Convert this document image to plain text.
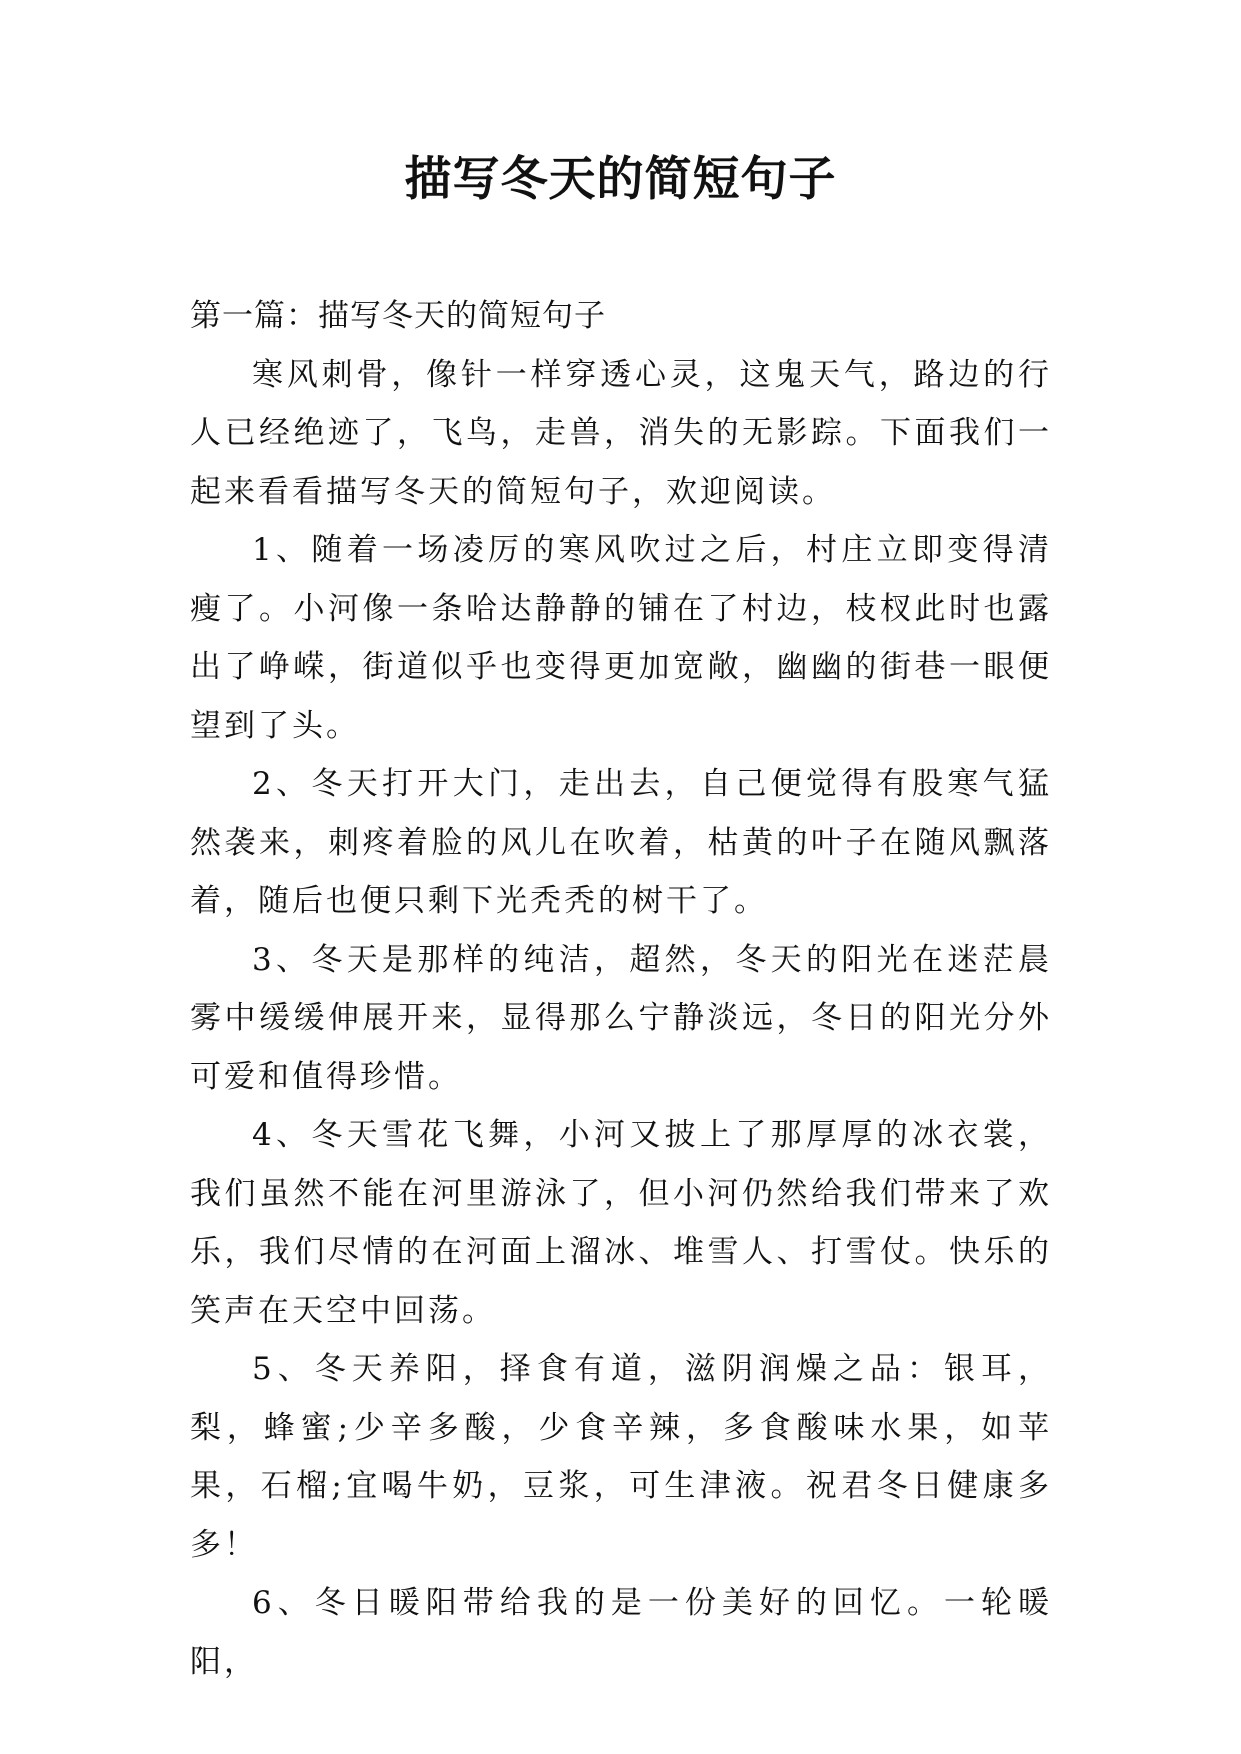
描写冬天的简短句子
第一篇：描写冬天的简短句子

寒风刺骨，像针一样穿透心灵，这鬼天气，路边的行人已经绝迹了，飞鸟，走兽，消失的无影踪。下面我们一起来看看描写冬天的简短句子，欢迎阅读。

1、随着一场凌厉的寒风吹过之后，村庄立即变得清瘦了。小河像一条哈达静静的铺在了村边，枝杈此时也露出了峥嵘，街道似乎也变得更加宽敞，幽幽的街巷一眼便望到了头。

2、冬天打开大门，走出去，自己便觉得有股寒气猛然袭来，刺疼着脸的风儿在吹着，枯黄的叶子在随风飘落着，随后也便只剩下光秃秃的树干了。

3、冬天是那样的纯洁，超然，冬天的阳光在迷茫晨雾中缓缓伸展开来，显得那么宁静淡远，冬日的阳光分外可爱和值得珍惜。

4、冬天雪花飞舞，小河又披上了那厚厚的冰衣裳，我们虽然不能在河里游泳了，但小河仍然给我们带来了欢乐，我们尽情的在河面上溜冰、堆雪人、打雪仗。快乐的笑声在天空中回荡。

5、冬天养阳，择食有道，滋阴润燥之品：银耳，梨，蜂蜜;少辛多酸，少食辛辣，多食酸味水果，如苹果，石榴;宜喝牛奶，豆浆，可生津液。祝君冬日健康多多！

6、冬日暖阳带给我的是一份美好的回忆。一轮暖阳，
